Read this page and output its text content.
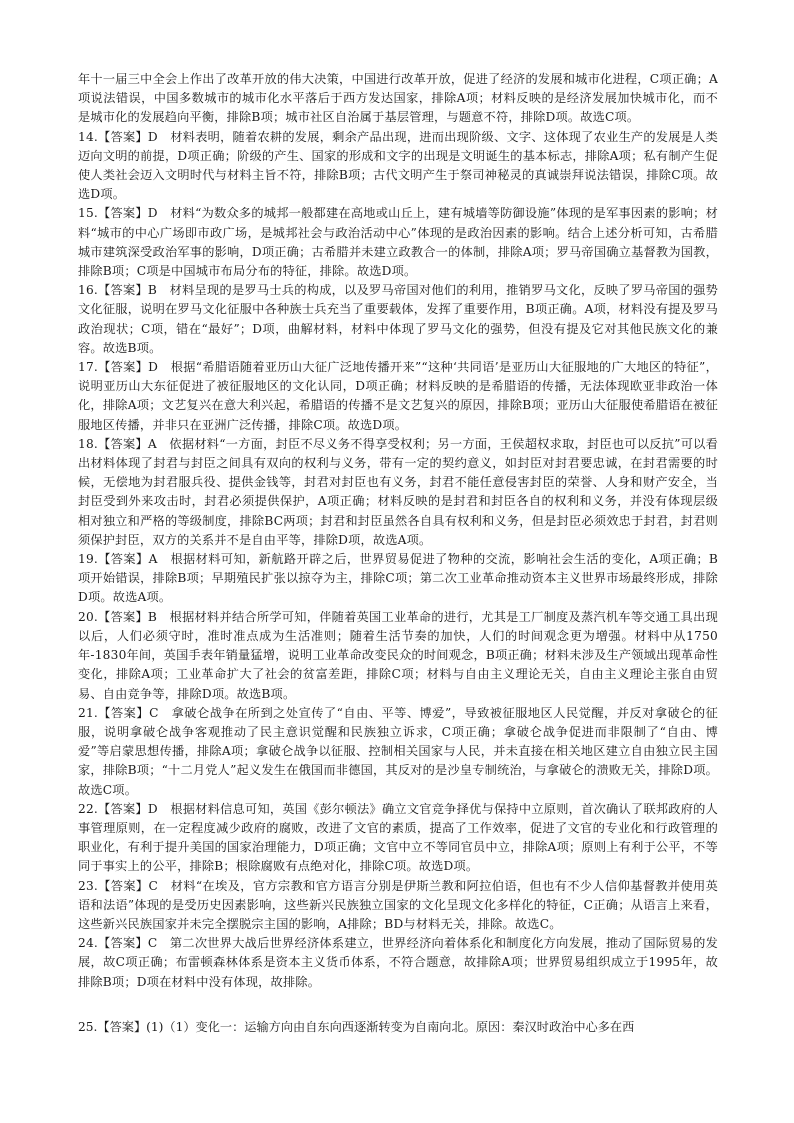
年十一届三中全会上作出了改革开放的伟大决策，中国进行改革开放，促进了经济的发展和城市化进程，C项正确；A项说法错误，中国多数城市的城市化水平落后于西方发达国家，排除A项；材料反映的是经济发展加快城市化，而不是城市化的发展趋向平衡，排除B项；城市社区自治属于基层管理，与题意不符，排除D项。故选C项。

14.【答案】D　材料表明，随着农耕的发展，剩余产品出现，进而出现阶级、文字、这体现了农业生产的发展是人类迈向文明的前提，D项正确；阶级的产生、国家的形成和文字的出现是文明诞生的基本标志，排除A项；私有制产生促使人类社会迈入文明时代与材料主旨不符，排除B项；古代文明产生于祭司神秘灵的真诚崇拜说法错误，排除C项。故选D项。

15.【答案】D　材料“为数众多的城邦一般都建在高地或山丘上，建有城墙等防御设施”体现的是军事因素的影响；材料“城市的中心广场即市政广场，是城邦社会与政治活动中心”体现的是政治因素的影响。结合上述分析可知，古希腊城市建筑深受政治军事的影响，D项正确；古希腊并未建立政教合一的体制，排除A项；罗马帝国确立基督教为国教，排除B项；C项是中国城市布局分布的特征，排除。故选D项。

16.【答案】B　材料呈现的是罗马士兵的构成，以及罗马帝国对他们的利用，推销罗马文化，反映了罗马帝国的强势文化征服，说明在罗马文化征服中各种族士兵充当了重要载体，发挥了重要作用，B项正确。A项，材料没有提及罗马政治现状；C项，错在“最好”；D项，曲解材料，材料中体现了罗马文化的强势，但没有提及它对其他民族文化的兼容。故选B项。

17.【答案】D　根据“希腊语随着亚历山大征广泛地传播开来”“这种‘共同语’是亚历山大征服地的广大地区的特征”，说明亚历山大东征促进了被征服地区的文化认同，D项正确；材料反映的是希腊语的传播，无法体现欧亚非政治一体化，排除A项；文艺复兴在意大利兴起，希腊语的传播不是文艺复兴的原因，排除B项；亚历山大征服使希腊语在被征服地区传播，并非只在亚洲广泛传播，排除C项。故选D项。

18.【答案】A　依据材料“一方面，封臣不尽义务不得享受权利；另一方面，王侯超权求取，封臣也可以反抗”可以看出材料体现了封君与封臣之间具有双向的权利与义务，带有一定的契约意义，如封臣对封君要忠诚，在封君需要的时候，无偿地为封君服兵役、提供金钱等，封君对封臣也有义务，封君不能任意侵害封臣的荣誉、人身和财产安全，当封臣受到外来攻击时，封君必须提供保护，A项正确；材料反映的是封君和封臣各自的权利和义务，并没有体现层级相对独立和严格的等级制度，排除BC两项；封君和封臣虽然各自具有权利和义务，但是封臣必须效忠于封君，封君则须保护封臣，双方的关系并不是自由平等，排除D项，故选A项。

19.【答案】A　根据材料可知，新航路开辟之后，世界贸易促进了物种的交流，影响社会生活的变化，A项正确；B项开始错误，排除B项；早期殖民扩张以掠夺为主，排除C项；第二次工业革命推动资本主义世界市场最终形成，排除D项。故选A项。

20.【答案】B　根据材料并结合所学可知，伴随着英国工业革命的进行，尤其是工厂制度及蒸汽机车等交通工具出现以后，人们必须守时，准时准点成为生活准则；随着生活节奏的加快，人们的时间观念更为增强。材料中从1750年-1830年间，英国手表年销量猛增，说明工业革命改变民众的时间观念，B项正确；材料未涉及生产领域出现革命性变化，排除A项；工业革命扩大了社会的贫富差距，排除C项；材料与自由主义理论无关，自由主义理论主张自由贸易、自由竞争等，排除D项。故选B项。

21.【答案】C　拿破仑战争在所到之处宣传了“自由、平等、博爱”，导致被征服地区人民觉醒，并反对拿破仑的征服，说明拿破仑战争客观推动了民主意识觉醒和民族独立诉求，C项正确；拿破仑战争促进而非限制了“自由、博爱”等启蒙思想传播，排除A项；拿破仑战争以征服、控制相关国家与人民，并未直接在相关地区建立自由独立民主国家，排除B项；“十二月党人”起义发生在俄国而非德国，其反对的是沙皇专制统治，与拿破仑的溃败无关，排除D项。故选C项。

22.【答案】D　根据材料信息可知，英国《彭尔顿法》确立文官竞争择优与保持中立原则，首次确认了联邦政府的人事管理原则，在一定程度减少政府的腐败，改进了文官的素质，提高了工作效率，促进了文官的专业化和行政管理的职业化，有利于提升美国的国家治理能力，D项正确；文官中立不等同官员中立，排除A项；原则上有利于公平，不等同于事实上的公平，排除B；根除腐败有点绝对化，排除C项。故选D项。

23.【答案】C　材料“在埃及，官方宗教和官方语言分别是伊斯兰教和阿拉伯语，但也有不少人信仰基督教并使用英语和法语”体现的是受历史因素影响，这些新兴民族独立国家的文化呈现文化多样化的特征，C正确；从语言上来看，这些新兴民族国家并未完全摆脱宗主国的影响，A排除；BD与材料无关，排除。故选C。

24.【答案】C　第二次世界大战后世界经济体系建立，世界经济向着体系化和制度化方向发展，推动了国际贸易的发展，故C项正确；布雷顿森林体系是资本主义货币体系，不符合题意，故排除A项；世界贸易组织成立于1995年，故排除B项；D项在材料中没有体现，故排除。

25.【答案】(1)（1）变化一：运输方向由自东向西逐渐转变为自南向北。原因：秦汉时政治中心多在西
